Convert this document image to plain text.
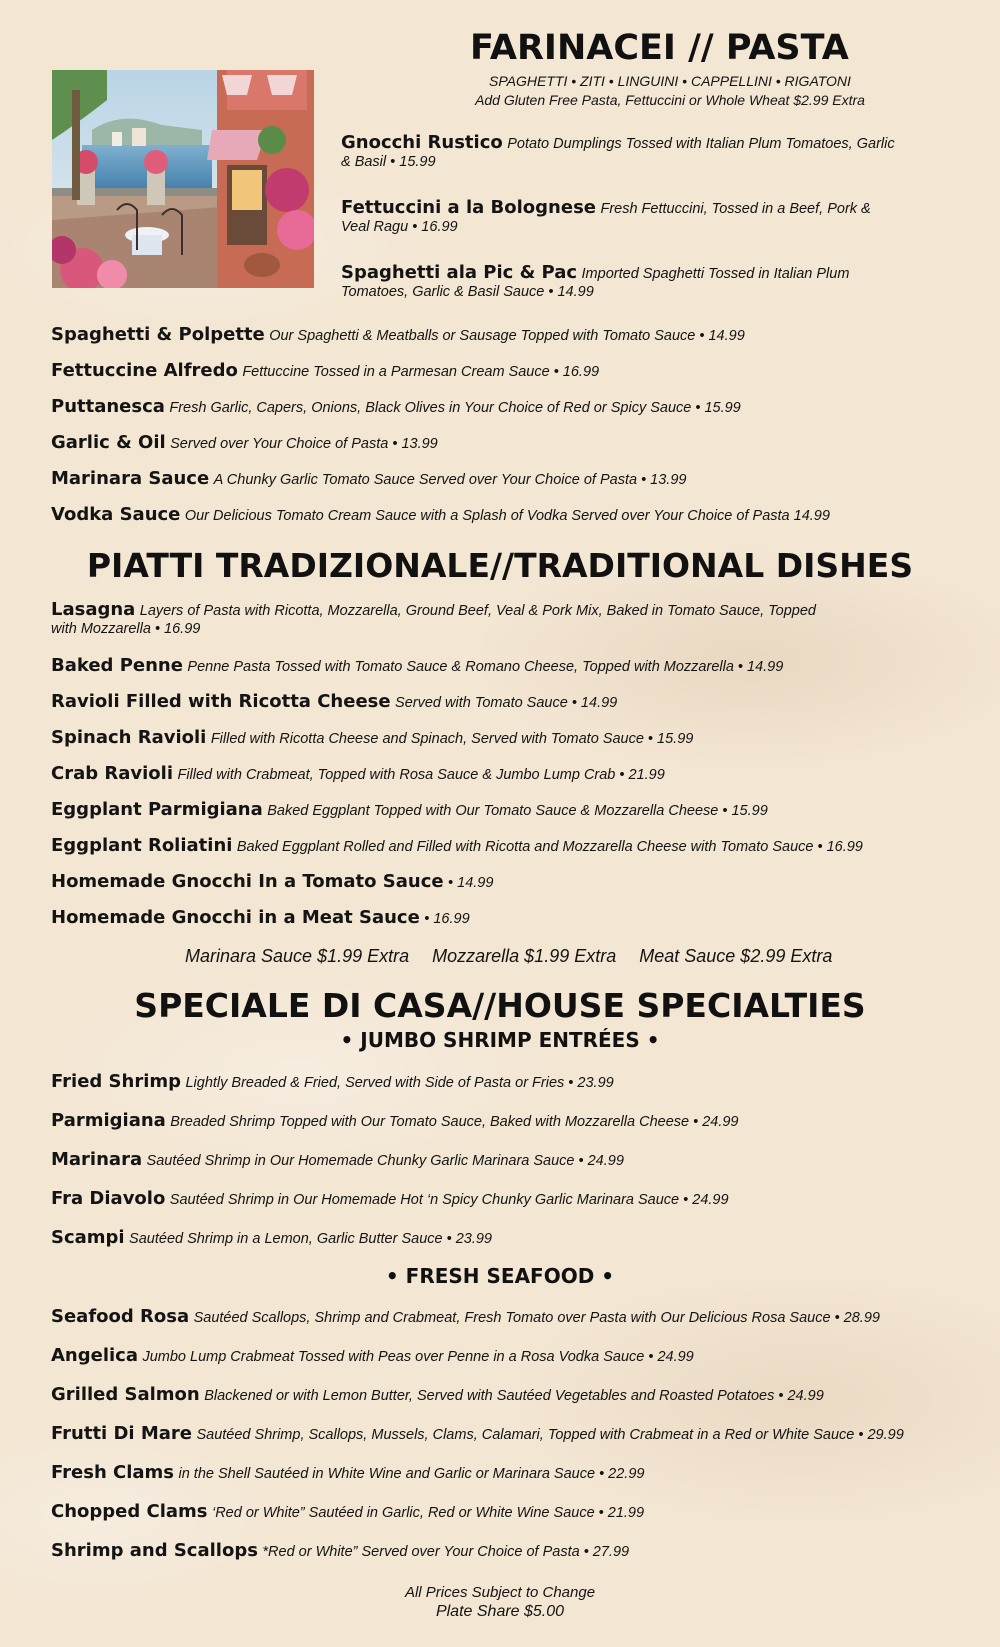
FARINACEI // PASTA
SPAGHETTI • ZITI • LINGUINI • CAPPELLINI • RIGATONI
Add Gluten Free Pasta, Fettuccini or Whole Wheat $2.99 Extra
Gnocchi Rustico Potato Dumplings Tossed with Italian Plum Tomatoes, Garlic & Basil • 15.99
Fettuccini a la Bolognese Fresh Fettuccini, Tossed in a Beef, Pork & Veal Ragu • 16.99
Spaghetti ala Pic & Pac Imported Spaghetti Tossed in Italian Plum Tomatoes, Garlic & Basil Sauce • 14.99
Spaghetti & Polpette Our Spaghetti & Meatballs or Sausage Topped with Tomato Sauce • 14.99
Fettuccine Alfredo Fettuccine Tossed in a Parmesan Cream Sauce • 16.99
Puttanesca Fresh Garlic, Capers, Onions, Black Olives in Your Choice of Red or Spicy Sauce • 15.99
Garlic & Oil Served over Your Choice of Pasta • 13.99
Marinara Sauce A Chunky Garlic Tomato Sauce Served over Your Choice of Pasta • 13.99
Vodka Sauce Our Delicious Tomato Cream Sauce with a Splash of Vodka Served over Your Choice of Pasta 14.99
PIATTI TRADIZIONALE//TRADITIONAL DISHES
Lasagna Layers of Pasta with Ricotta, Mozzarella, Ground Beef, Veal & Pork Mix, Baked in Tomato Sauce, Topped with Mozzarella • 16.99
Baked Penne Penne Pasta Tossed with Tomato Sauce & Romano Cheese, Topped with Mozzarella • 14.99
Ravioli Filled with Ricotta Cheese Served with Tomato Sauce • 14.99
Spinach Ravioli Filled with Ricotta Cheese and Spinach, Served with Tomato Sauce • 15.99
Crab Ravioli Filled with Crabmeat, Topped with Rosa Sauce & Jumbo Lump Crab • 21.99
Eggplant Parmigiana Baked Eggplant Topped with Our Tomato Sauce & Mozzarella Cheese • 15.99
Eggplant Roliatini Baked Eggplant Rolled and Filled with Ricotta and Mozzarella Cheese with Tomato Sauce • 16.99
Homemade Gnocchi In a Tomato Sauce • 14.99
Homemade Gnocchi in a Meat Sauce • 16.99
Marinara Sauce $1.99 Extra Mozzarella $1.99 Extra Meat Sauce $2.99 Extra
SPECIALE DI CASA//HOUSE SPECIALTIES
• JUMBO SHRIMP ENTRÉES •
Fried Shrimp Lightly Breaded & Fried, Served with Side of Pasta or Fries • 23.99
Parmigiana Breaded Shrimp Topped with Our Tomato Sauce, Baked with Mozzarella Cheese • 24.99
Marinara Sautéed Shrimp in Our Homemade Chunky Garlic Marinara Sauce • 24.99
Fra Diavolo Sautéed Shrimp in Our Homemade Hot ‘n Spicy Chunky Garlic Marinara Sauce • 24.99
Scampi Sautéed Shrimp in a Lemon, Garlic Butter Sauce • 23.99
• FRESH SEAFOOD •
Seafood Rosa Sautéed Scallops, Shrimp and Crabmeat, Fresh Tomato over Pasta with Our Delicious Rosa Sauce • 28.99
Angelica Jumbo Lump Crabmeat Tossed with Peas over Penne in a Rosa Vodka Sauce • 24.99
Grilled Salmon Blackened or with Lemon Butter, Served with Sautéed Vegetables and Roasted Potatoes • 24.99
Frutti Di Mare Sautéed Shrimp, Scallops, Mussels, Clams, Calamari, Topped with Crabmeat in a Red or White Sauce • 29.99
Fresh Clams in the Shell Sautéed in White Wine and Garlic or Marinara Sauce • 22.99
Chopped Clams ‘Red or White” Sautéed in Garlic, Red or White Wine Sauce • 21.99
Shrimp and Scallops *Red or White” Served over Your Choice of Pasta • 27.99
All Prices Subject to Change
Plate Share $5.00
